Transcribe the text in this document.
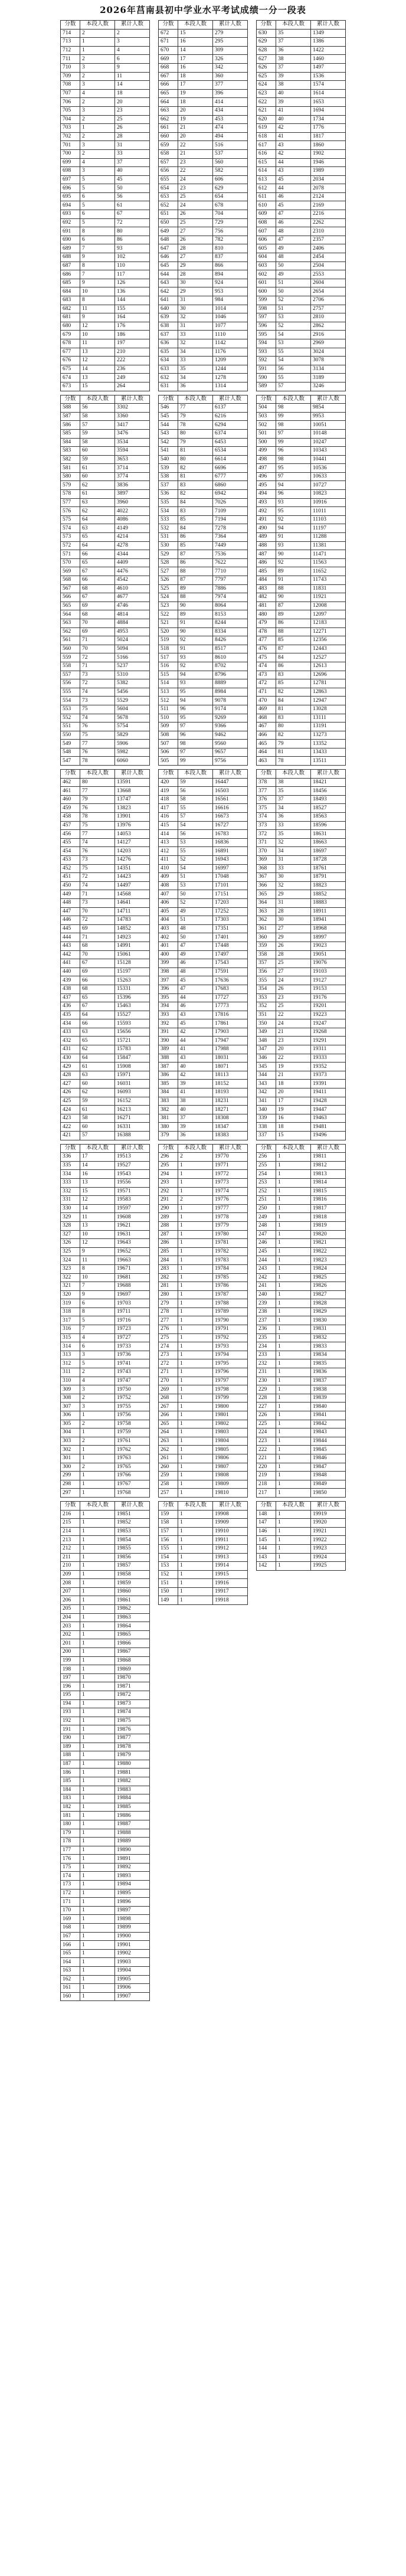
2026年莒南县初中学业水平考试成绩一分一段表
分数	本段人数	累计人数		分数	本段人数	累计人数		分数	本段人数	累计人数
714	2	2		672	15	279		630	35	1349
713	1	3		671	16	295		629	37	1386
712	1	4		670	14	309		628	36	1422
711	2	6		669	17	326		627	38	1460
710	3	9		668	16	342		626	37	1497
709	2	11		667	18	360		625	39	1536
708	3	14		666	17	377		624	38	1574
707	4	18		665	19	396		623	40	1614
706	2	20		664	18	414		622	39	1653
705	3	23		663	20	434		621	41	1694
704	2	25		662	19	453		620	40	1734
703	1	26		661	21	474		619	42	1776
702	2	28		660	20	494		618	41	1817
701	3	31		659	22	516		617	43	1860
700	2	33		658	21	537		616	42	1902
699	4	37		657	23	560		615	44	1946
698	3	40		656	22	582		614	43	1989
697	5	45		655	24	606		613	45	2034
696	5	50		654	23	629		612	44	2078
695	6	56		653	25	654		611	46	2124
694	5	61		652	24	678		610	45	2169
693	6	67		651	26	704		609	47	2216
692	5	72		650	25	729		608	46	2262
691	8	80		649	27	756		607	48	2310
690	6	86		648	26	782		606	47	2357
689	7	93		647	28	810		605	49	2406
688	9	102		646	27	837		604	48	2454
687	8	110		645	29	866		603	50	2504
686	7	117		644	28	894		602	49	2553
685	9	126		643	30	924		601	51	2604
684	10	136		642	29	953		600	50	2654
683	8	144		641	31	984		599	52	2706
682	11	155		640	30	1014		598	51	2757
681	9	164		639	32	1046		597	53	2810
680	12	176		638	31	1077		596	52	2862
679	10	186		637	33	1110		595	54	2916
678	11	197		636	32	1142		594	53	2969
677	13	210		635	34	1176		593	55	3024
676	12	222		634	33	1209		592	54	3078
675	14	236		633	35	1244		591	56	3134
674	13	249		632	34	1278		590	55	3189
673	15	264		631	36	1314		589	57	3246
分数	本段人数	累计人数		分数	本段人数	累计人数		分数	本段人数	累计人数
588	56	3302		546	77	6137		504	98	9854
587	58	3360		545	79	6216		503	99	9953
586	57	3417		544	78	6294		502	98	10051
585	59	3476		543	80	6374		501	97	10148
584	58	3534		542	79	6453		500	99	10247
583	60	3594		541	81	6534		499	96	10343
582	59	3653		540	80	6614		498	98	10441
581	61	3714		539	82	6696		497	95	10536
580	60	3774		538	81	6777		496	97	10633
579	62	3836		537	83	6860		495	94	10727
578	61	3897		536	82	6942		494	96	10823
577	63	3960		535	84	7026		493	93	10916
576	62	4022		534	83	7109		492	95	11011
575	64	4086		533	85	7194		491	92	11103
574	63	4149		532	84	7278		490	94	11197
573	65	4214		531	86	7364		489	91	11288
572	64	4278		530	85	7449		488	93	11381
571	66	4344		529	87	7536		487	90	11471
570	65	4409		528	86	7622		486	92	11563
569	67	4476		527	88	7710		485	89	11652
568	66	4542		526	87	7797		484	91	11743
567	68	4610		525	89	7886		483	88	11831
566	67	4677		524	88	7974		482	90	11921
565	69	4746		523	90	8064		481	87	12008
564	68	4814		522	89	8153		480	89	12097
563	70	4884		521	91	8244		479	86	12183
562	69	4953		520	90	8334		478	88	12271
561	71	5024		519	92	8426		477	85	12356
560	70	5094		518	91	8517		476	87	12443
559	72	5166		517	93	8610		475	84	12527
558	71	5237		516	92	8702		474	86	12613
557	73	5310		515	94	8796		473	83	12696
556	72	5382		514	93	8889		472	85	12781
555	74	5456		513	95	8984		471	82	12863
554	73	5529		512	94	9078		470	84	12947
553	75	5604		511	96	9174		469	81	13028
552	74	5678		510	95	9269		468	83	13111
551	76	5754		509	97	9366		467	80	13191
550	75	5829		508	96	9462		466	82	13273
549	77	5906		507	98	9560		465	79	13352
548	76	5982		506	97	9657		464	81	13433
547	78	6060		505	99	9756		463	78	13511
分数	本段人数	累计人数		分数	本段人数	累计人数		分数	本段人数	累计人数
462	80	13591		420	59	16447		378	38	18421
461	77	13668		419	56	16503		377	35	18456
460	79	13747		418	58	16561		376	37	18493
459	76	13823		417	55	16616		375	34	18527
458	78	13901		416	57	16673		374	36	18563
457	75	13976		415	54	16727		373	33	18596
456	77	14053		414	56	16783		372	35	18631
455	74	14127		413	53	16836		371	32	18663
454	76	14203		412	55	16891		370	34	18697
453	73	14276		411	52	16943		369	31	18728
452	75	14351		410	54	16997		368	33	18761
451	72	14423		409	51	17048		367	30	18791
450	74	14497		408	53	17101		366	32	18823
449	71	14568		407	50	17151		365	29	18852
448	73	14641		406	52	17203		364	31	18883
447	70	14711		405	49	17252		363	28	18911
446	72	14783		404	51	17303		362	30	18941
445	69	14852		403	48	17351		361	27	18968
444	71	14923		402	50	17401		360	29	18997
443	68	14991		401	47	17448		359	26	19023
442	70	15061		400	49	17497		358	28	19051
441	67	15128		399	46	17543		357	25	19076
440	69	15197		398	48	17591		356	27	19103
439	66	15263		397	45	17636		355	24	19127
438	68	15331		396	47	17683		354	26	19153
437	65	15396		395	44	17727		353	23	19176
436	67	15463		394	46	17773		352	25	19201
435	64	15527		393	43	17816		351	22	19223
434	66	15593		392	45	17861		350	24	19247
433	63	15656		391	42	17903		349	21	19268
432	65	15721		390	44	17947		348	23	19291
431	62	15783		389	41	17988		347	20	19311
430	64	15847		388	43	18031		346	22	19333
429	61	15908		387	40	18071		345	19	19352
428	63	15971		386	42	18113		344	21	19373
427	60	16031		385	39	18152		343	18	19391
426	62	16093		384	41	18193		342	20	19411
425	59	16152		383	38	18231		341	17	19428
424	61	16213		382	40	18271		340	19	19447
423	58	16271		381	37	18308		339	16	19463
422	60	16331		380	39	18347		338	18	19481
421	57	16388		379	36	18383		337	15	19496
分数	本段人数	累计人数		分数	本段人数	累计人数		分数	本段人数	累计人数
336	17	19513		296	2	19770		256	1	19811
335	14	19527		295	1	19771		255	1	19812
334	16	19543		294	1	19772		254	1	19813
333	13	19556		293	1	19773		253	1	19814
332	15	19571		292	1	19774		252	1	19815
331	12	19583		291	2	19776		251	1	19816
330	14	19597		290	1	19777		250	1	19817
329	11	19608		289	1	19778		249	1	19818
328	13	19621		288	1	19779		248	1	19819
327	10	19631		287	1	19780		247	1	19820
326	12	19643		286	1	19781		246	1	19821
325	9	19652		285	1	19782		245	1	19822
324	11	19663		284	1	19783		244	1	19823
323	8	19671		283	1	19784		243	1	19824
322	10	19681		282	1	19785		242	1	19825
321	7	19688		281	1	19786		241	1	19826
320	9	19697		280	1	19787		240	1	19827
319	6	19703		279	1	19788		239	1	19828
318	8	19711		278	1	19789		238	1	19829
317	5	19716		277	1	19790		237	1	19830
316	7	19723		276	1	19791		236	1	19831
315	4	19727		275	1	19792		235	1	19832
314	6	19733		274	1	19793		234	1	19833
313	3	19736		273	1	19794		233	1	19834
312	5	19741		272	1	19795		232	1	19835
311	2	19743		271	1	19796		231	1	19836
310	4	19747		270	1	19797		230	1	19837
309	3	19750		269	1	19798		229	1	19838
308	2	19752		268	1	19799		228	1	19839
307	3	19755		267	1	19800		227	1	19840
306	1	19756		266	1	19801		226	1	19841
305	2	19758		265	1	19802		225	1	19842
304	1	19759		264	1	19803		224	1	19843
303	2	19761		263	1	19804		223	1	19844
302	1	19762		262	1	19805		222	1	19845
301	1	19763		261	1	19806		221	1	19846
300	2	19765		260	1	19807		220	1	19847
299	1	19766		259	1	19808		219	1	19848
298	1	19767		258	1	19809		218	1	19849
297	1	19768		257	1	19810		217	1	19850
分数	本段人数	累计人数		分数	本段人数	累计人数		分数	本段人数	累计人数
216	1	19851		159	1	19908		148	1	19919
215	1	19852		158	1	19909		147	1	19920
214	1	19853		157	1	19910		146	1	19921
213	1	19854		156	1	19911		145	1	19922
212	1	19855		155	1	19912		144	1	19923
211	1	19856		154	1	19913		143	1	19924
210	1	19857		153	1	19914		142	1	19925
209	1	19858		152	1	19915				
208	1	19859		151	1	19916				
207	1	19860		150	1	19917				
206	1	19861		149	1	19918				
205	1	19862								
204	1	19863								
203	1	19864								
202	1	19865								
201	1	19866								
200	1	19867								
199	1	19868								
198	1	19869								
197	1	19870								
196	1	19871								
195	1	19872								
194	1	19873								
193	1	19874								
192	1	19875								
191	1	19876								
190	1	19877								
189	1	19878								
188	1	19879								
187	1	19880								
186	1	19881								
185	1	19882								
184	1	19883								
183	1	19884								
182	1	19885								
181	1	19886								
180	1	19887								
179	1	19888								
178	1	19889								
177	1	19890								
176	1	19891								
175	1	19892								
174	1	19893								
173	1	19894								
172	1	19895								
171	1	19896								
170	1	19897								
169	1	19898								
168	1	19899								
167	1	19900								
166	1	19901								
165	1	19902								
164	1	19903								
163	1	19904								
162	1	19905								
161	1	19906								
160	1	19907								
